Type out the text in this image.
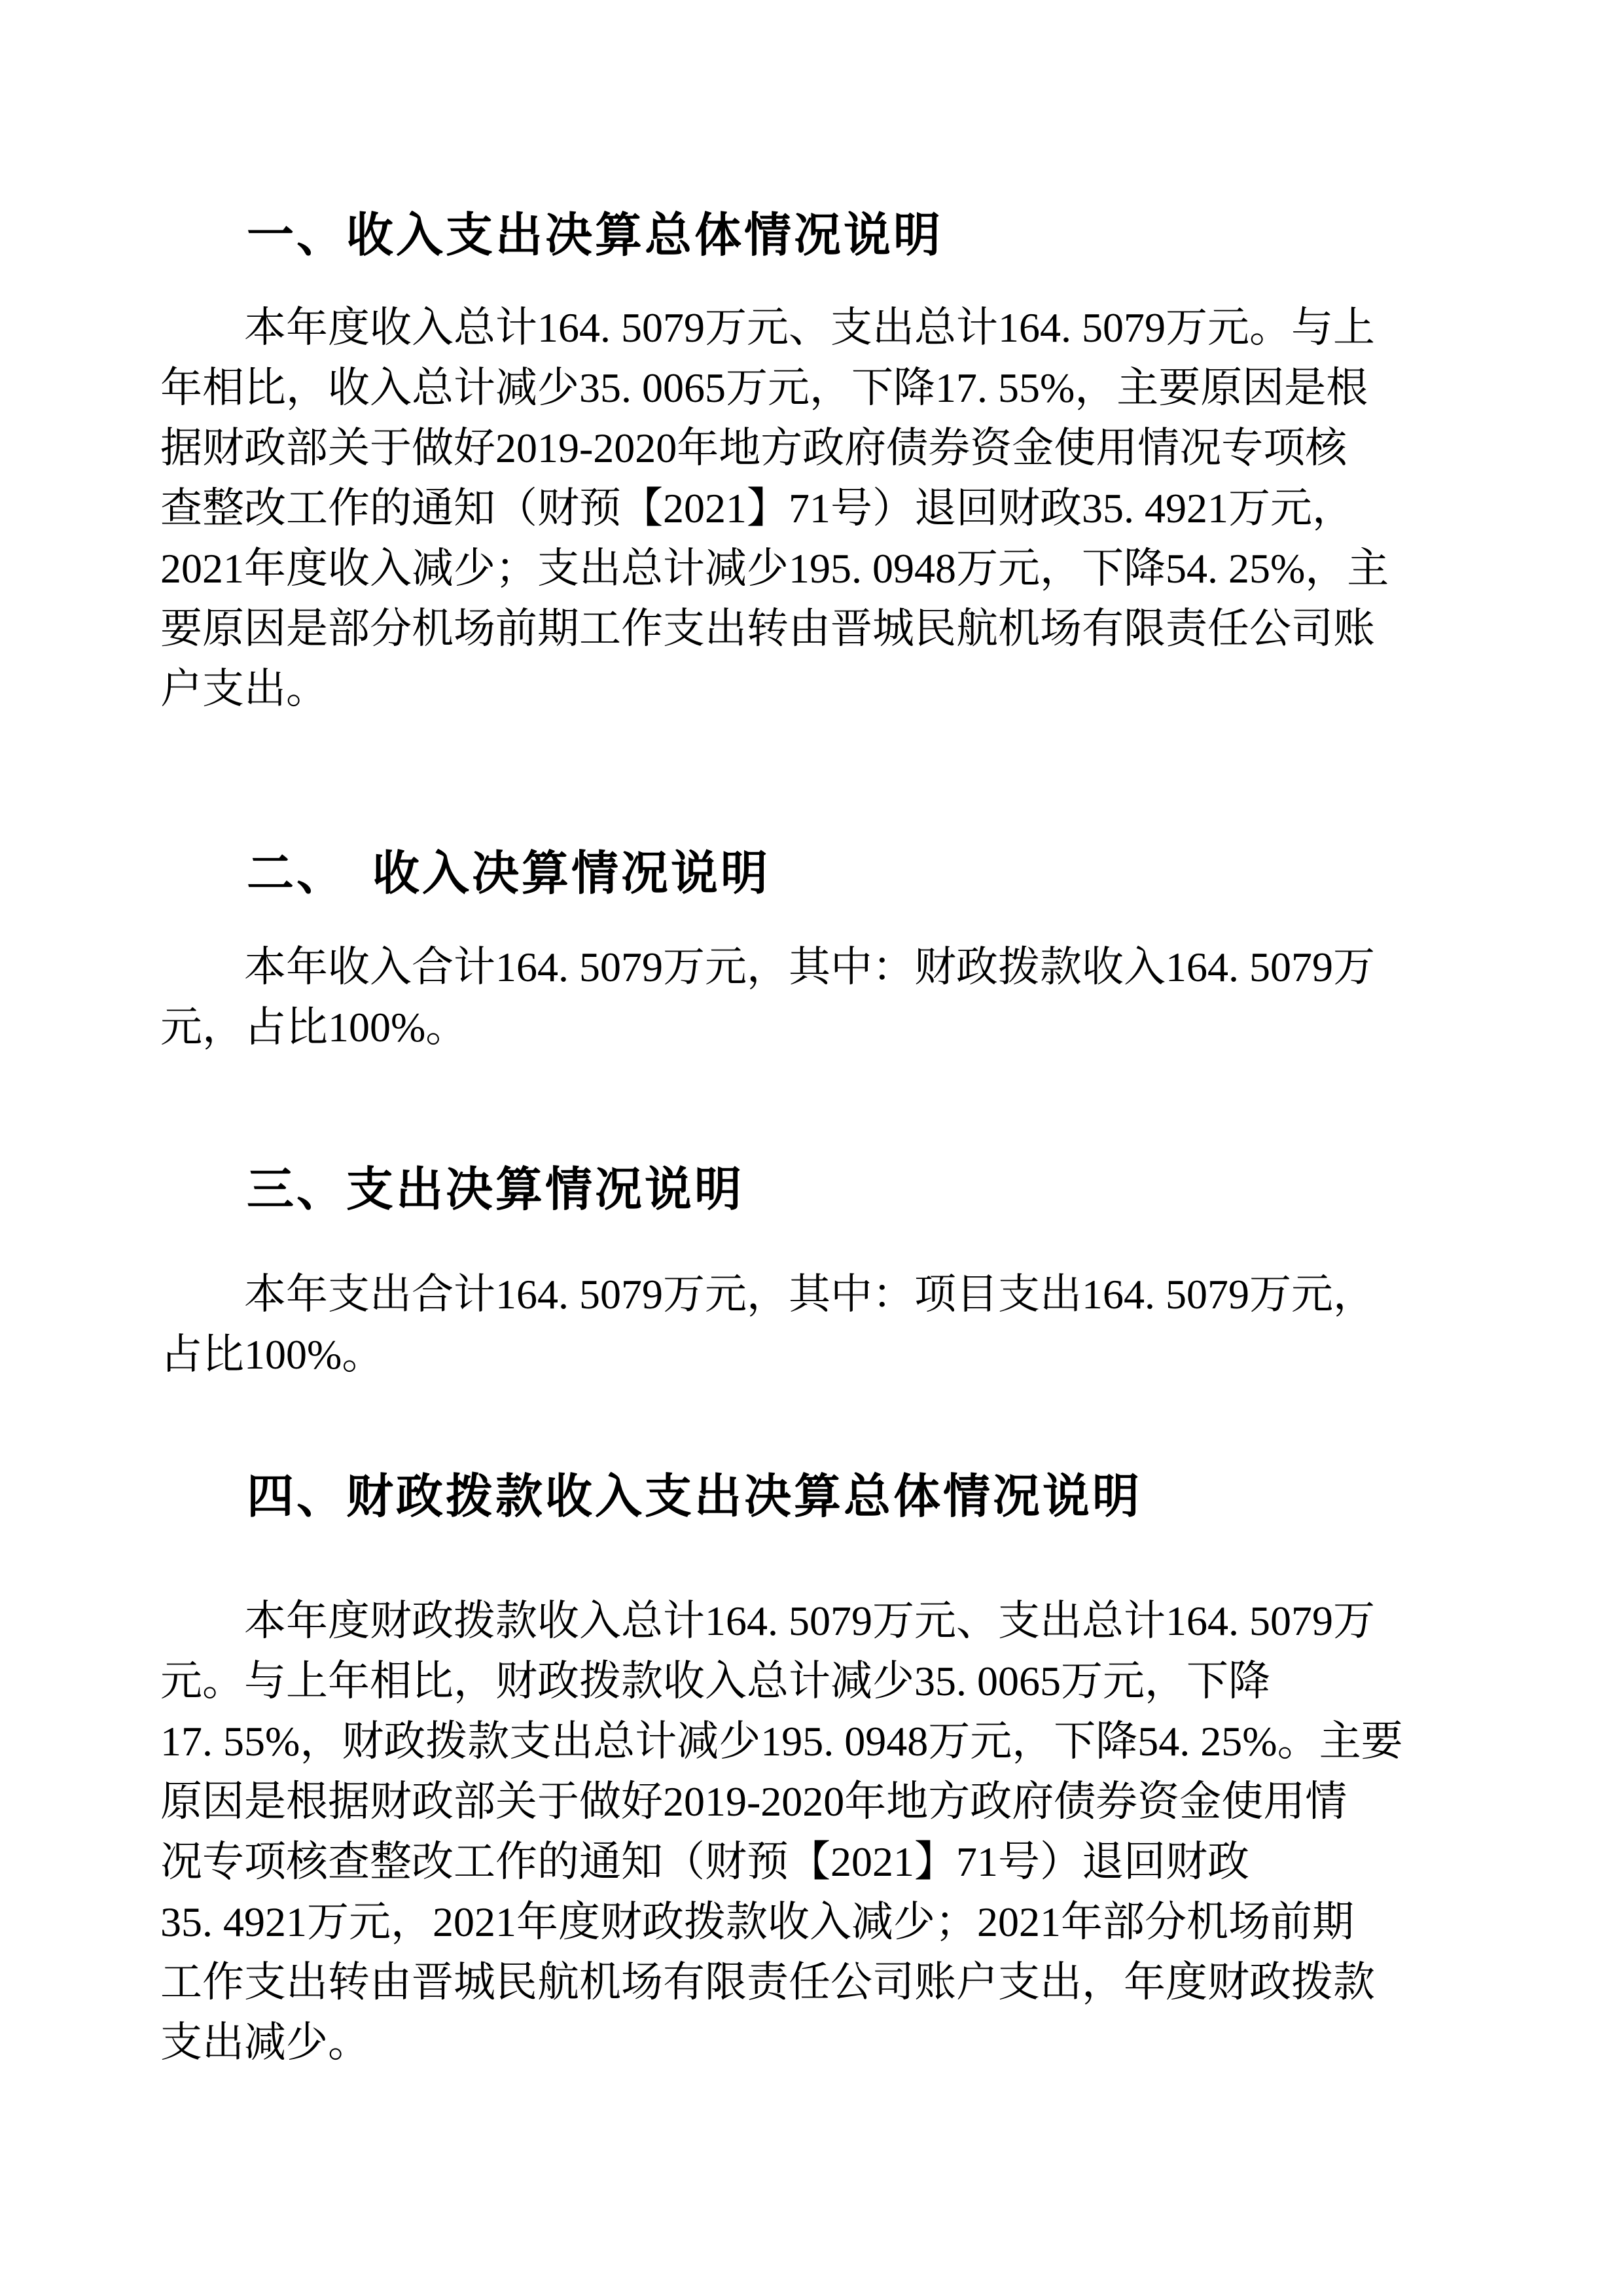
一、收入支出决算总体情况说明
本年度收入总计164. 5079万元、支出总计164. 5079万元。与上
年相比，收入总计减少35. 0065万元，下降17. 55%，主要原因是根
据财政部关于做好2019-2020年地方政府债券资金使用情况专项核
查整改工作的通知（财预【2021】71号）退回财政35. 4921万元，
2021年度收入减少；支出总计减少195. 0948万元，下降54. 25%，主
要原因是部分机场前期工作支出转由晋城民航机场有限责任公司账
户支出。
二、　收入决算情况说明
本年收入合计164. 5079万元，其中：财政拨款收入164. 5079万
元，占比100%。
三、支出决算情况说明
本年支出合计164. 5079万元，其中：项目支出164. 5079万元，
占比100%。
四、财政拨款收入支出决算总体情况说明
本年度财政拨款收入总计164. 5079万元、支出总计164. 5079万
元。与上年相比，财政拨款收入总计减少35. 0065万元，下降
17. 55%，财政拨款支出总计减少195. 0948万元，下降54. 25%。主要
原因是根据财政部关于做好2019-2020年地方政府债券资金使用情
况专项核查整改工作的通知（财预【2021】71号）退回财政
35. 4921万元，2021年度财政拨款收入减少；2021年部分机场前期
工作支出转由晋城民航机场有限责任公司账户支出，年度财政拨款
支出减少。
